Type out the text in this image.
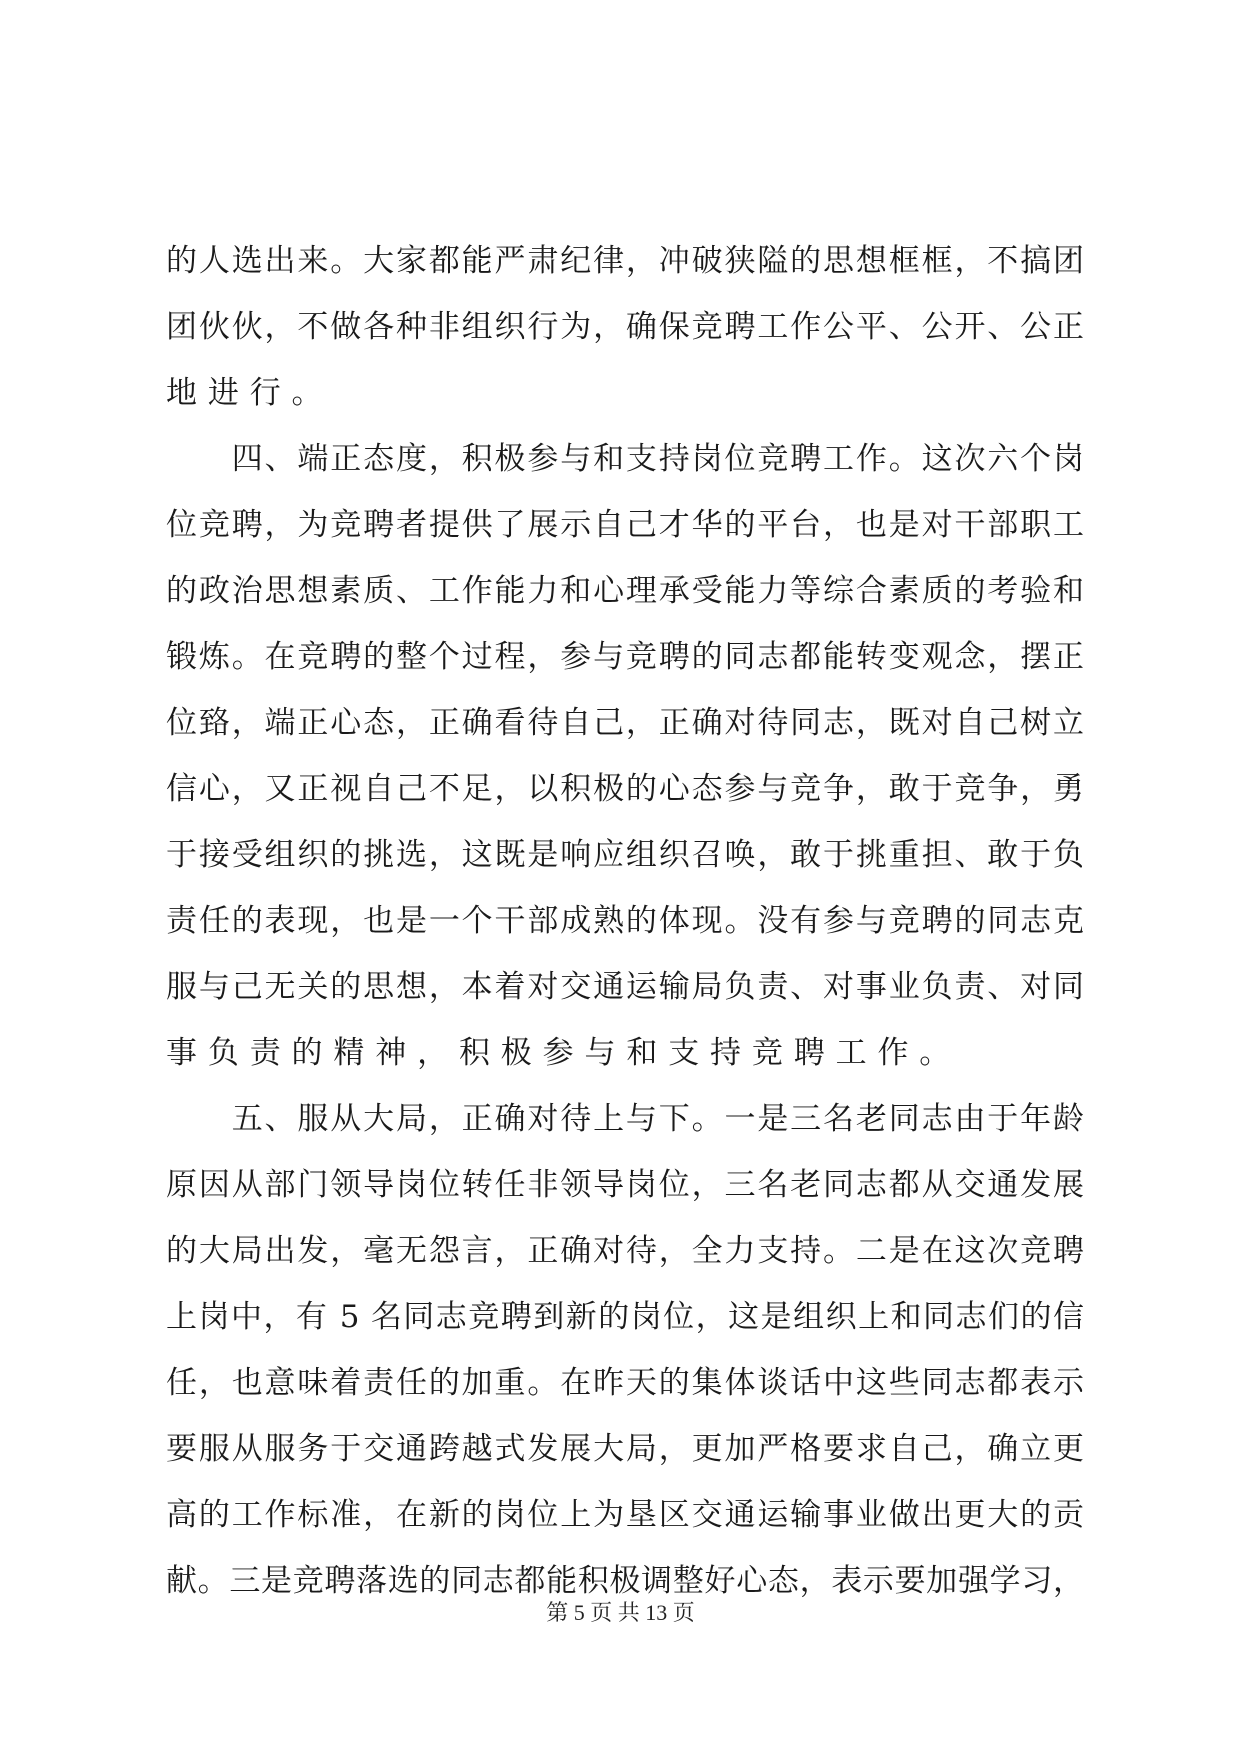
的人选出来。大家都能严肃纪律，冲破狭隘的思想框框，不搞团
团伙伙，不做各种非组织行为，确保竞聘工作公平、公开、公正
地进行。
　　四、端正态度，积极参与和支持岗位竞聘工作。这次六个岗
位竞聘，为竞聘者提供了展示自己才华的平台，也是对干部职工
的政治思想素质、工作能力和心理承受能力等综合素质的考验和
锻炼。在竞聘的整个过程，参与竞聘的同志都能转变观念，摆正
位臵，端正心态，正确看待自己，正确对待同志，既对自己树立
信心，又正视自己不足，以积极的心态参与竞争，敢于竞争，勇
于接受组织的挑选，这既是响应组织召唤，敢于挑重担、敢于负
责任的表现，也是一个干部成熟的体现。没有参与竞聘的同志克
服与己无关的思想，本着对交通运输局负责、对事业负责、对同
事负责的精神，积极参与和支持竞聘工作。
　　五、服从大局，正确对待上与下。一是三名老同志由于年龄
原因从部门领导岗位转任非领导岗位，三名老同志都从交通发展
的大局出发，毫无怨言，正确对待，全力支持。二是在这次竞聘
上岗中，有 5 名同志竞聘到新的岗位，这是组织上和同志们的信
任，也意味着责任的加重。在昨天的集体谈话中这些同志都表示
要服从服务于交通跨越式发展大局，更加严格要求自己，确立更
高的工作标准，在新的岗位上为垦区交通运输事业做出更大的贡
献。三是竞聘落选的同志都能积极调整好心态，表示要加强学习，
第 5 页 共 13 页
